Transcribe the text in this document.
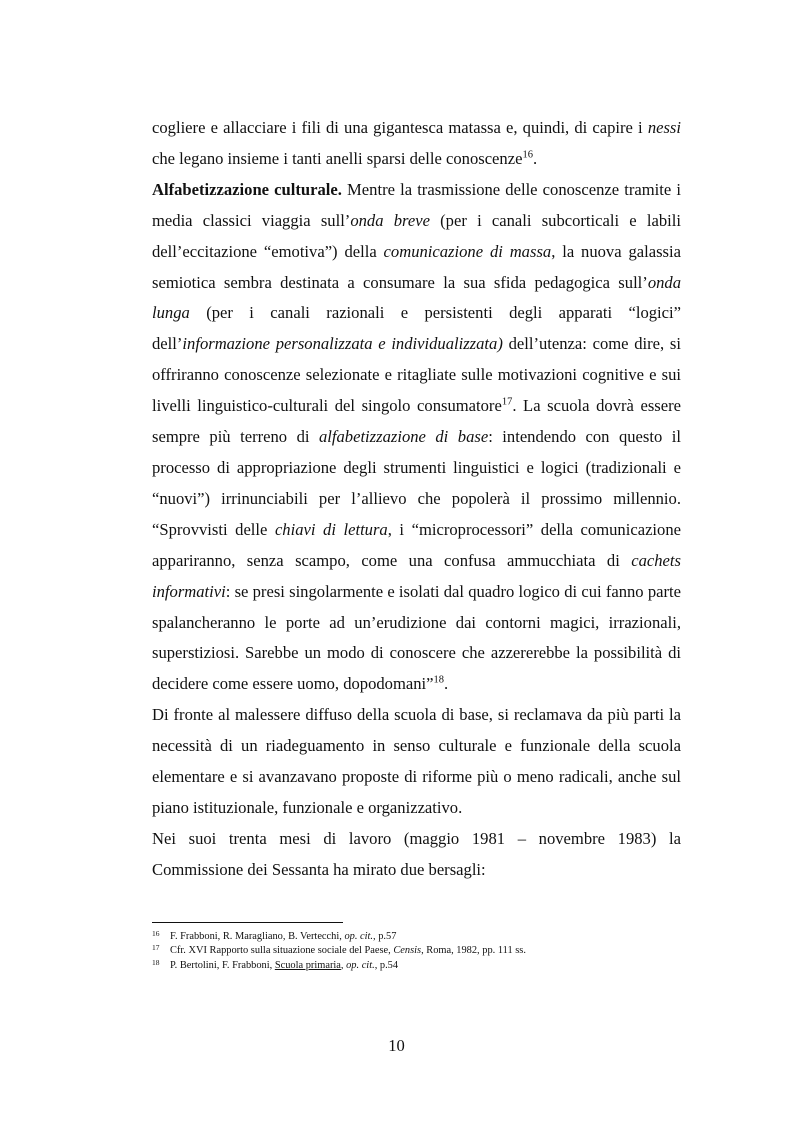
cogliere e allacciare i fili di una gigantesca matassa e, quindi, di capire i nessi che legano insieme i tanti anelli sparsi delle conoscenze$^{16}$.

Alfabetizzazione culturale. Mentre la trasmissione delle conoscenze tramite i media classici viaggia sull’onda breve (per i canali subcorticali e labili dell’eccitazione “emotiva”) della comunicazione di massa, la nuova galassia semiotica sembra destinata a consumare la sua sfida pedagogica sull’onda lunga (per i canali razionali e persistenti degli apparati “logici” dell’informazione personalizzata e individualizzata) dell’utenza: come dire, si offriranno conoscenze selezionate e ritagliate sulle motivazioni cognitive e sui livelli linguistico-culturali del singolo consumatore$^{17}$. La scuola dovrà essere sempre più terreno di alfabetizzazione di base: intendendo con questo il processo di appropriazione degli strumenti linguistici e logici (tradizionali e “nuovi”) irrinunciabili per l’allievo che popolerà il prossimo millennio. “Sprovvisti delle chiavi di lettura, i “microprocessori” della comunicazione appariranno, senza scampo, come una confusa ammucchiata di cachets informativi: se presi singolarmente e isolati dal quadro logico di cui fanno parte spalancheranno le porte ad un’erudizione dai contorni magici, irrazionali, superstiziosi. Sarebbe un modo di conoscere che azzererebbe la possibilità di decidere come essere uomo, dopodomani”$^{18}$.

Di fronte al malessere diffuso della scuola di base, si reclamava da più parti la necessità di un riadeguamento in senso culturale e funzionale della scuola elementare e si avanzavano proposte di riforme più o meno radicali, anche sul piano istituzionale, funzionale e organizzativo.

Nei suoi trenta mesi di lavoro (maggio 1981 – novembre 1983) la Commissione dei Sessanta ha mirato due bersagli:

16 F. Frabboni, R. Maragliano, B. Vertecchi, op. cit., p.57
17 Cfr. XVI Rapporto sulla situazione sociale del Paese, Censis, Roma, 1982, pp. 111 ss.
18 P. Bertolini, F. Frabboni, Scuola primaria, op. cit., p.54
10
